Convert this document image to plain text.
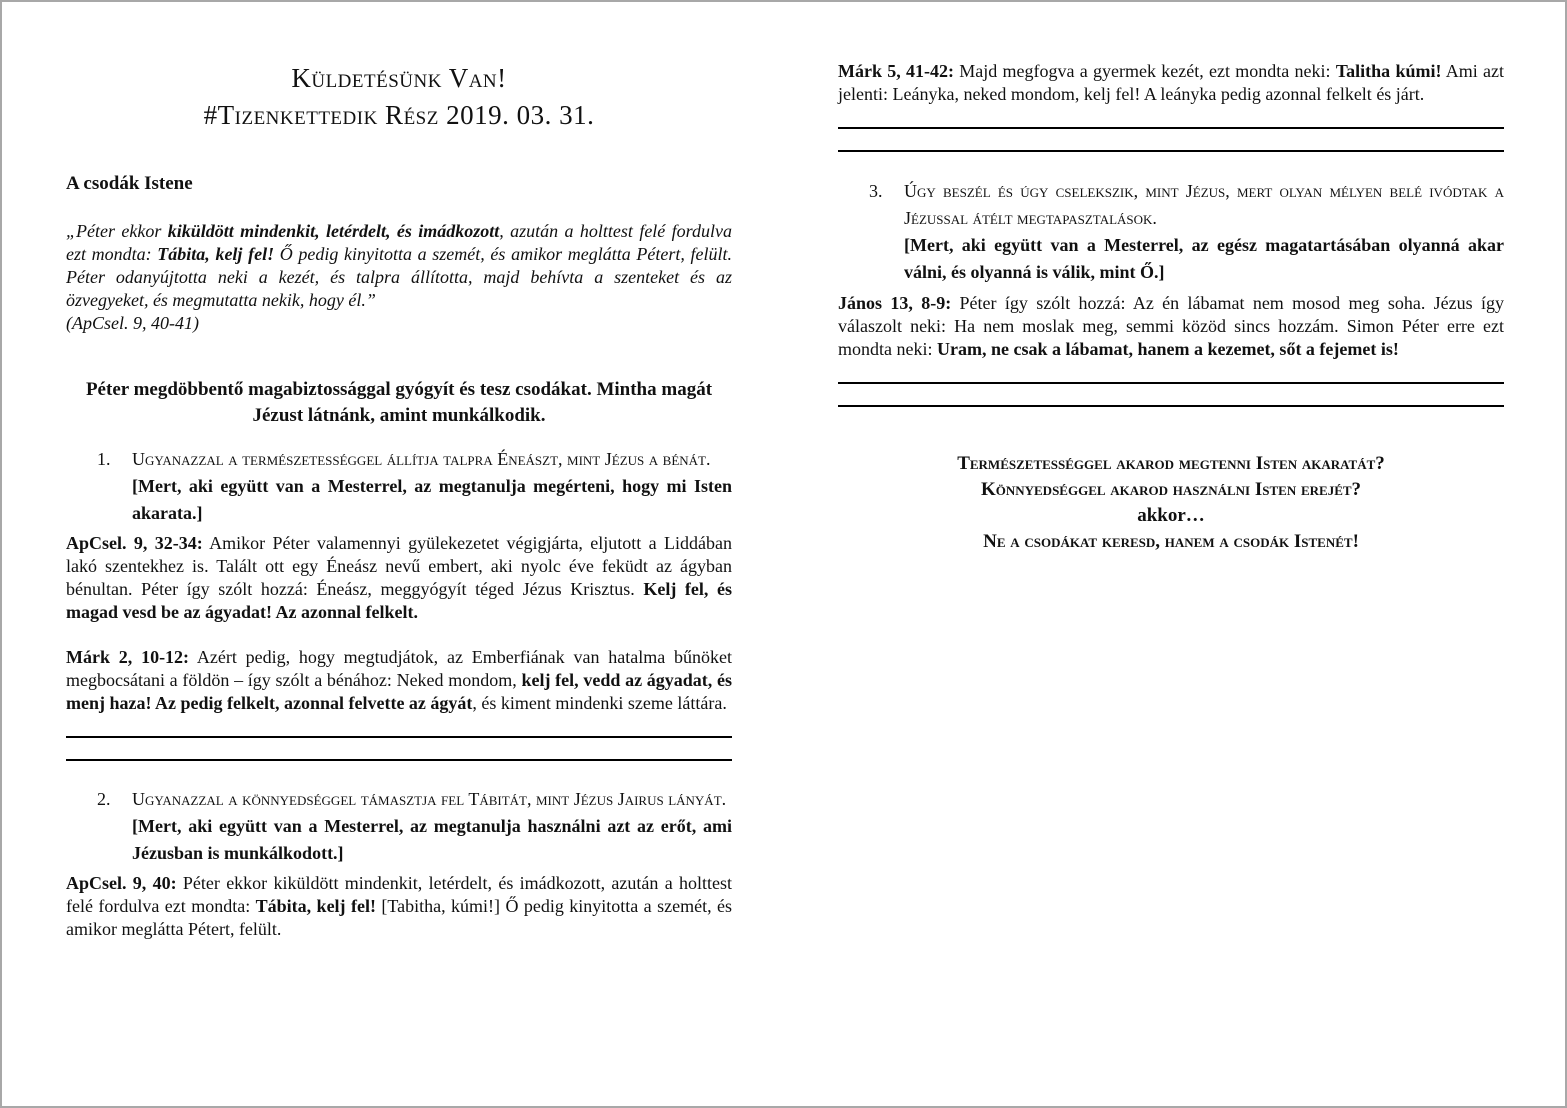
Küldetésünk Van!
#Tizenkettedik Rész 2019. 03. 31.
A csodák Istene

„Péter ekkor kiküldött mindenkit, letérdelt, és imádkozott, azután a holttest felé fordulva ezt mondta: Tábita, kelj fel! Ő pedig kinyitotta a szemét, és amikor meglátta Pétert, felült. Péter odanyújtotta neki a kezét, és talpra állította, majd behívta a szenteket és az özvegyeket, és megmutatta nekik, hogy él.”

(ApCsel. 9, 40-41)

Péter megdöbbentő magabiztossággal gyógyít és tesz csodákat. Mintha magát Jézust látnánk, amint munkálkodik.

1.	Ugyanazzal a természetességgel állítja talpra Éneászt, mint Jézus a bénát.
[Mert, aki együtt van a Mesterrel, az megtanulja megérteni, hogy mi Isten akarata.]

ApCsel. 9, 32-34: Amikor Péter valamennyi gyülekezetet végigjárta, eljutott a Liddában lakó szentekhez is. Talált ott egy Éneász nevű embert, aki nyolc éve feküdt az ágyban bénultan. Péter így szólt hozzá: Éneász, meggyógyít téged Jézus Krisztus. Kelj fel, és magad vesd be az ágyadat! Az azonnal felkelt.

Márk 2, 10-12: Azért pedig, hogy megtudjátok, az Emberfiának van hatalma bűnöket megbocsátani a földön – így szólt a bénához: Neked mondom, kelj fel, vedd az ágyadat, és menj haza! Az pedig felkelt, azonnal felvette az ágyát, és kiment mindenki szeme láttára.

2.	Ugyanazzal a könnyedséggel támasztja fel Tábitát, mint Jézus Jairus lányát.
[Mert, aki együtt van a Mesterrel, az megtanulja használni azt az erőt, ami Jézusban is munkálkodott.]

ApCsel. 9, 40: Péter ekkor kiküldött mindenkit, letérdelt, és imádkozott, azután a holttest felé fordulva ezt mondta: Tábita, kelj fel! [Tabitha, kúmi!] Ő pedig kinyitotta a szemét, és amikor meglátta Pétert, felült.

Márk 5, 41-42: Majd megfogva a gyermek kezét, ezt mondta neki: Talitha kúmi! Ami azt jelenti: Leányka, neked mondom, kelj fel! A leányka pedig azonnal felkelt és járt.

3.	Úgy beszél és úgy cselekszik, mint Jézus, mert olyan mélyen belé ivódtak a Jézussal átélt megtapasztalások.
[Mert, aki együtt van a Mesterrel, az egész magatartásában olyanná akar válni, és olyanná is válik, mint Ő.]

János 13, 8-9: Péter így szólt hozzá: Az én lábamat nem mosod meg soha. Jézus így válaszolt neki: Ha nem moslak meg, semmi közöd sincs hozzám. Simon Péter erre ezt mondta neki: Uram, ne csak a lábamat, hanem a kezemet, sőt a fejemet is!

Természetességgel akarod megtenni Isten akaratát?
Könnyedséggel akarod használni Isten erejét?
akkor…
Ne a csodákat keresd, hanem a csodák Istenét!
